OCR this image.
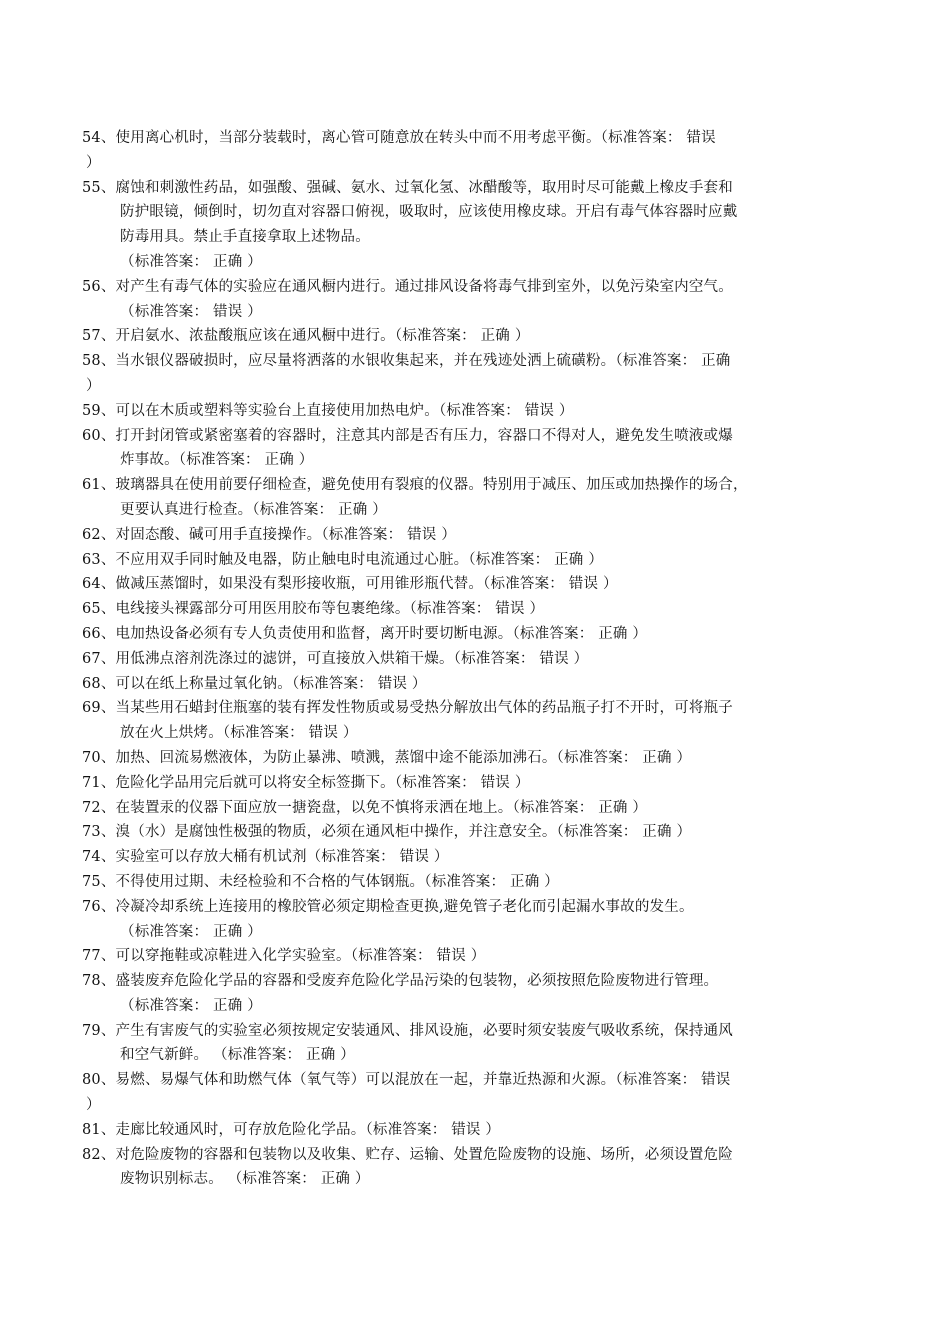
54、使用离心机时，当部分装载时，离心管可随意放在转头中而不用考虑平衡。（标准答案： 错误
）
55、腐蚀和刺激性药品，如强酸、强碱、氨水、过氧化氢、冰醋酸等，取用时尽可能戴上橡皮手套和
防护眼镜，倾倒时，切勿直对容器口俯视，吸取时，应该使用橡皮球。开启有毒气体容器时应戴
防毒用具。禁止手直接拿取上述物品。
（标准答案： 正确 ）
56、对产生有毒气体的实验应在通风橱内进行。通过排风设备将毒气排到室外，以免污染室内空气。
（标准答案： 错误 ）
57、开启氨水、浓盐酸瓶应该在通风橱中进行。（标准答案： 正确 ）
58、当水银仪器破损时，应尽量将洒落的水银收集起来，并在残迹处洒上硫磺粉。（标准答案： 正确
）
59、可以在木质或塑料等实验台上直接使用加热电炉。（标准答案： 错误 ）
60、打开封闭管或紧密塞着的容器时，注意其内部是否有压力，容器口不得对人，避免发生喷液或爆
炸事故。（标准答案： 正确 ）
61、玻璃器具在使用前要仔细检查，避免使用有裂痕的仪器。特别用于减压、加压或加热操作的场合，
更要认真进行检查。（标准答案： 正确 ）
62、对固态酸、碱可用手直接操作。（标准答案： 错误 ）
63、不应用双手同时触及电器，防止触电时电流通过心脏。（标准答案： 正确 ）
64、做减压蒸馏时，如果没有梨形接收瓶，可用锥形瓶代替。（标准答案： 错误 ）
65、电线接头裸露部分可用医用胶布等包裹绝缘。（标准答案： 错误 ）
66、电加热设备必须有专人负责使用和监督，离开时要切断电源。（标准答案： 正确 ）
67、用低沸点溶剂洗涤过的滤饼，可直接放入烘箱干燥。（标准答案： 错误 ）
68、可以在纸上称量过氧化钠。（标准答案： 错误 ）
69、当某些用石蜡封住瓶塞的装有挥发性物质或易受热分解放出气体的药品瓶子打不开时，可将瓶子
放在火上烘烤。（标准答案： 错误 ）
70、加热、回流易燃液体，为防止暴沸、喷溅，蒸馏中途不能添加沸石。（标准答案： 正确 ）
71、危险化学品用完后就可以将安全标签撕下。（标准答案： 错误 ）
72、在装置汞的仪器下面应放一搪瓷盘，以免不慎将汞洒在地上。（标准答案： 正确 ）
73、溴（水）是腐蚀性极强的物质，必须在通风柜中操作，并注意安全。（标准答案： 正确 ）
74、实验室可以存放大桶有机试剂（标准答案： 错误 ）
75、不得使用过期、未经检验和不合格的气体钢瓶。（标准答案： 正确 ）
76、冷凝冷却系统上连接用的橡胶管必须定期检查更换,避免管子老化而引起漏水事故的发生。
（标准答案： 正确 ）
77、可以穿拖鞋或凉鞋进入化学实验室。（标准答案： 错误 ）
78、盛装废弃危险化学品的容器和受废弃危险化学品污染的包装物，必须按照危险废物进行管理。
（标准答案： 正确 ）
79、产生有害废气的实验室必须按规定安装通风、排风设施，必要时须安装废气吸收系统，保持通风
和空气新鲜。 （标准答案： 正确 ）
80、易燃、易爆气体和助燃气体（氧气等）可以混放在一起，并靠近热源和火源。（标准答案： 错误
）
81、走廊比较通风时，可存放危险化学品。（标准答案： 错误 ）
82、对危险废物的容器和包装物以及收集、贮存、运输、处置危险废物的设施、场所，必须设置危险
废物识别标志。 （标准答案： 正确 ）
